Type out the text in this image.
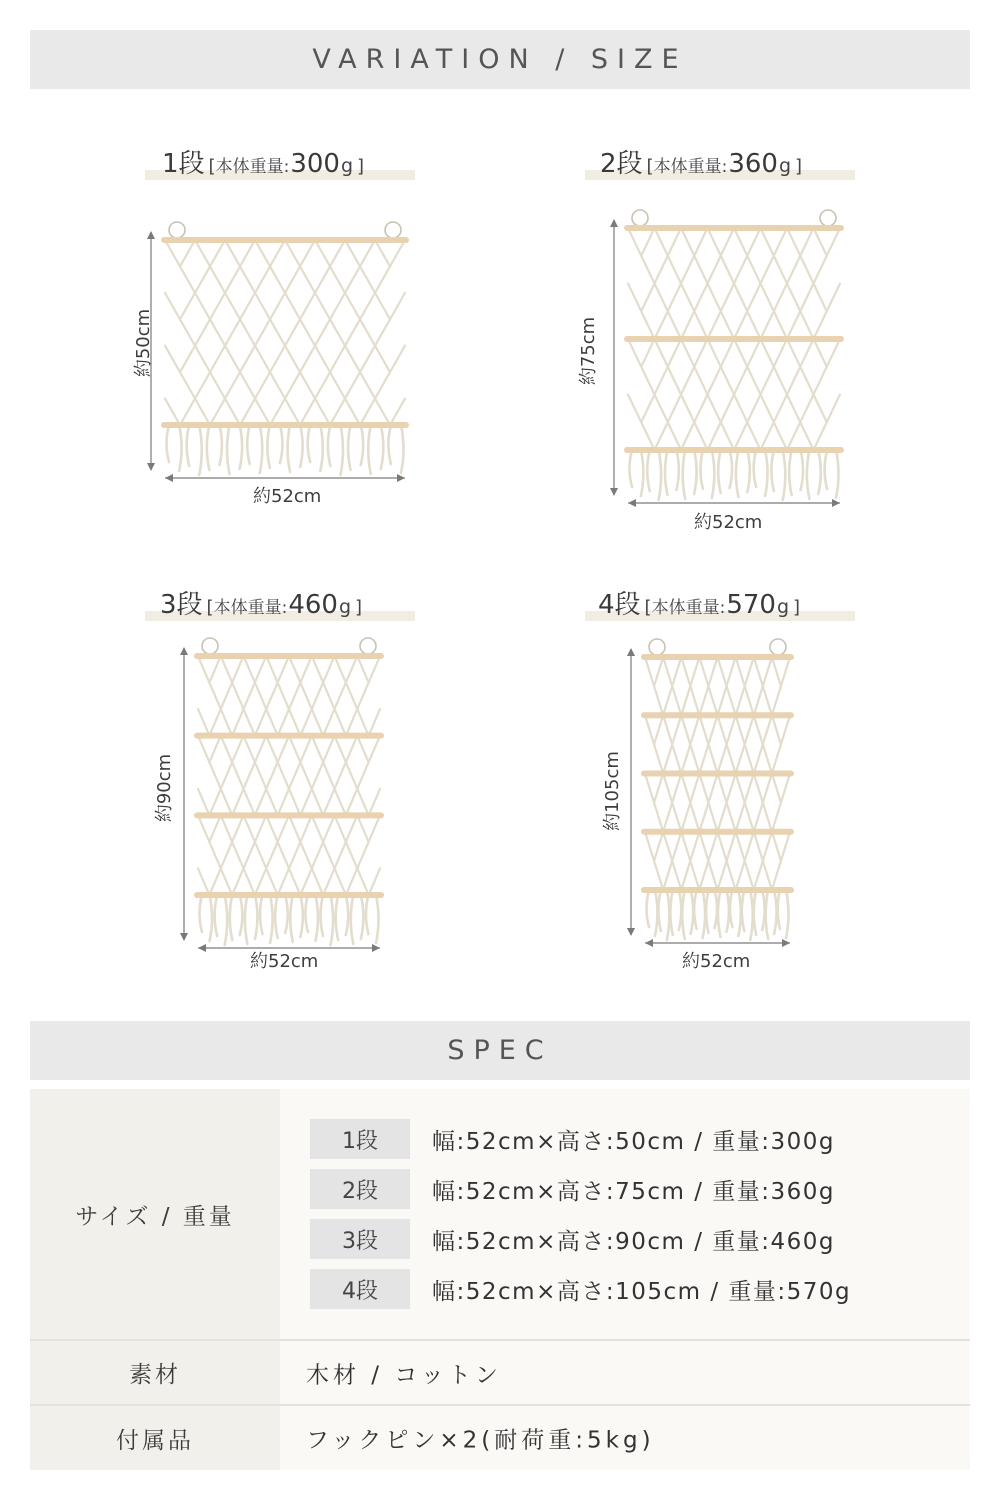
VARIATION / SIZE
1段 [ 本体重量: 300 g ]
約50cm
約52cm
2段 [ 本体重量: 360 g ]
約75cm
約52cm
3段 [ 本体重量: 460 g ]
約90cm
約52cm
4段 [ 本体重量: 570 g ]
約105cm
約52cm
SPEC
サイズ / 重量
1段	幅:52cm×高さ:50cm / 重量:300g
2段	幅:52cm×高さ:75cm / 重量:360g
3段	幅:52cm×高さ:90cm / 重量:460g
4段	幅:52cm×高さ:105cm / 重量:570g
素材	木材 / コットン
付属品	フックピン×2(耐荷重:5kg)
